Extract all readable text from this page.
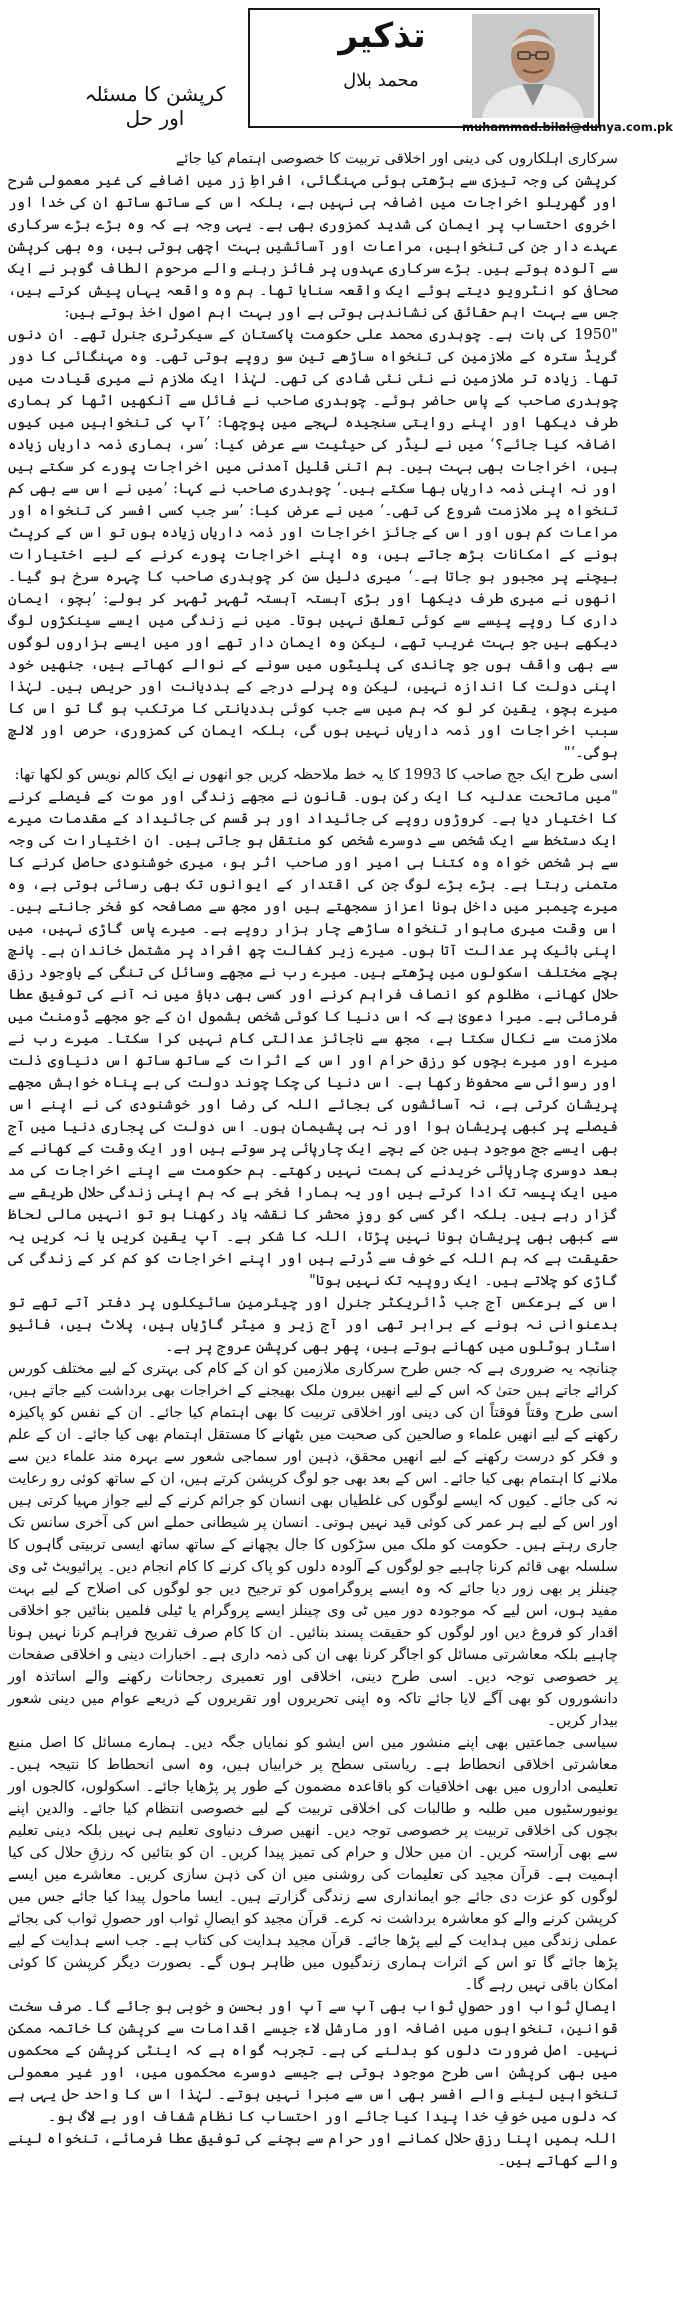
تذکیر
محمد بلال
muhammad.bilal@dunya.com.pk
کرپشن کا مسئلہ اور حل

سرکاری اہلکاروں کی دینی اور اخلاقی تربیت کا خصوصی اہتمام کیا جائے

کرپشن کی وجہ تیزی سے بڑھتی ہوئی مہنگائی، افراطِ زر میں اضافے کی غیر معمولی شرح اور گھریلو اخراجات میں اضافہ ہی نہیں ہے، بلکہ اس کے ساتھ ساتھ ان کی خدا اور اخروی احتساب پر ایمان کی شدید کمزوری بھی ہے۔ یہی وجہ ہے کہ وہ بڑے بڑے سرکاری عہدے دار جن کی تنخواہیں، مراعات اور آسائشیں بہت اچھی ہوتی ہیں، وہ بھی کرپشن سے آلودہ ہوتے ہیں۔ بڑے سرکاری عہدوں پر فائز رہنے والے مرحوم الطاف گوہر نے ایک صحافی کو انٹرویو دیتے ہوئے ایک واقعہ سنایا تھا۔ ہم وہ واقعہ یہاں پیش کرتے ہیں، جس سے بہت اہم حقائق کی نشاندہی ہوتی ہے اور بہت اہم اصول اخذ ہوتے ہیں:

"1950 کی بات ہے۔ چوہدری محمد علی حکومت پاکستان کے سیکرٹری جنرل تھے۔ ان دنوں گریڈ سترہ کے ملازمین کی تنخواہ ساڑھے تین سو روپے ہوتی تھی۔ وہ مہنگائی کا دور تھا۔ زیادہ تر ملازمین نے نئی نئی شادی کی تھی۔ لہٰذا ایک ملازم نے میری قیادت میں چوہدری صاحب کے پاس حاضر ہوئے۔ چوہدری صاحب نے فائل سے آنکھیں اٹھا کر ہماری طرف دیکھا اور اپنے روایتی سنجیدہ لہجے میں پوچھا: ’آپ کی تنخواہیں میں کیوں اضافہ کیا جائے؟‘ میں نے لیڈر کی حیثیت سے عرض کیا: ’سر، ہماری ذمہ داریاں زیادہ ہیں، اخراجات بھی بہت ہیں۔ ہم اتنی قلیل آمدنی میں اخراجات پورے کر سکتے ہیں اور نہ اپنی ذمہ داریاں بھا سکتے ہیں۔‘ چوہدری صاحب نے کہا: ’میں نے اس سے بھی کم تنخواہ پر ملازمت شروع کی تھی۔‘ میں نے عرض کیا: ’سر جب کسی افسر کی تنخواہ اور مراعات کم ہوں اور اس کے جائز اخراجات اور ذمہ داریاں زیادہ ہوں تو اس کے کرپٹ ہونے کے امکانات بڑھ جاتے ہیں، وہ اپنے اخراجات پورے کرنے کے لیے اختیارات بیچنے پر مجبور ہو جاتا ہے۔‘ میری دلیل سن کر چوہدری صاحب کا چہرہ سرخ ہو گیا۔ انھوں نے میری طرف دیکھا اور بڑی آہستہ آہستہ ٹھہر ٹھہر کر بولے: ’بچو، ایمان داری کا روپے پیسے سے کوئی تعلق نہیں ہوتا۔ میں نے زندگی میں ایسے سینکڑوں لوگ دیکھے ہیں جو بہت غریب تھے، لیکن وہ ایمان دار تھے اور میں ایسے ہزاروں لوگوں سے بھی واقف ہوں جو چاندی کی پلیٹوں میں سونے کے نوالے کھاتے ہیں، جنھیں خود اپنی دولت کا اندازہ نہیں، لیکن وہ پرلے درجے کے بددیانت اور حریص ہیں۔ لہٰذا میرے بچو، یقین کر لو کہ ہم میں سے جب کوئی بددیانتی کا مرتکب ہو گا تو اس کا سبب اخراجات اور ذمہ داریاں نہیں ہوں گی، بلکہ ایمان کی کمزوری، حرص اور لالچ ہوگی۔‘"

اسی طرح ایک جج صاحب کا 1993 کا یہ خط ملاحظہ کریں جو انھوں نے ایک کالم نویس کو لکھا تھا:

"میں ماتحت عدلیہ کا ایک رکن ہوں۔ قانون نے مجھے زندگی اور موت کے فیصلے کرنے کا اختیار دیا ہے۔ کروڑوں روپے کی جائیداد اور ہر قسم کی جائیداد کے مقدمات میرے ایک دستخط سے ایک شخص سے دوسرے شخص کو منتقل ہو جاتی ہیں۔ ان اختیارات کی وجہ سے ہر شخص خواہ وہ کتنا ہی امیر اور صاحب اثر ہو، میری خوشنودی حاصل کرنے کا متمنی رہتا ہے۔ بڑے بڑے لوگ جن کی اقتدار کے ایوانوں تک بھی رسائی ہوتی ہے، وہ میرے چیمبر میں داخل ہونا اعزاز سمجھتے ہیں اور مجھ سے مصافحہ کو فخر جانتے ہیں۔ اس وقت میری ماہوار تنخواہ ساڑھے چار ہزار روپے ہے۔ میرے پاس گاڑی نہیں، میں اپنی بائیک پر عدالت آتا ہوں۔ میرے زیر کفالت چھ افراد پر مشتمل خاندان ہے۔ پانچ بچے مختلف اسکولوں میں پڑھتے ہیں۔ میرے رب نے مجھے وسائل کی تنگی کے باوجود رزق حلال کھانے، مظلوم کو انصاف فراہم کرنے اور کسی بھی دباؤ میں نہ آنے کی توفیق عطا فرمائی ہے۔ میرا دعویٰ ہے کہ اس دنیا کا کوئی شخص بشمول ان کے جو مجھے ڈومنٹ میں ملازمت سے نکال سکتا ہے، مجھ سے ناجائز عدالتی کام نہیں کرا سکتا۔ میرے رب نے میرے اور میرے بچوں کو رزق حرام اور اس کے اثرات کے ساتھ ساتھ اس دنیاوی ذلت اور رسوائی سے محفوظ رکھا ہے۔ اس دنیا کی چکا چوند دولت کی بے پناہ خواہش مجھے پریشان کرتی ہے، نہ آسائشوں کی بجائے اللہ کی رضا اور خوشنودی کی نے اپنے اس فیصلے پر کبھی پریشان ہوا اور نہ ہی پشیمان ہوں۔ اس دولت کی پجاری دنیا میں آج بھی ایسے جج موجود ہیں جن کے بچے ایک چارپائی پر سوتے ہیں اور ایک وقت کے کھانے کے بعد دوسری چارپائی خریدنے کی ہمت نہیں رکھتے۔ ہم حکومت سے اپنے اخراجات کی مد میں ایک پیسہ تک ادا کرتے ہیں اور یہ ہمارا فخر ہے کہ ہم اپنی زندگی حلال طریقے سے گزار رہے ہیں۔ بلکہ اگر کسی کو روزِ محشر کا نقشہ یاد رکھنا ہو تو انہیں مالی لحاظ سے کبھی بھی پریشان ہونا نہیں پڑتا، اللہ کا شکر ہے۔ آپ یقین کریں یا نہ کریں یہ حقیقت ہے کہ ہم اللہ کے خوف سے ڈرتے ہیں اور اپنے اخراجات کو کم کر کے زندگی کی گاڑی کو چلاتے ہیں۔ ایک روپیہ تک نہیں ہوتا"

اس کے برعکس آج جب ڈائریکٹر جنرل اور چیئرمین سائیکلوں پر دفتر آتے تھے تو بدعنوانی نہ ہونے کے برابر تھی اور آج زیر و میٹر گاڑیاں ہیں، پلاٹ ہیں، فائیو اسٹار ہوٹلوں میں کھانے ہوتے ہیں، پھر بھی کرپشن عروج پر ہے۔

چنانچہ یہ ضروری ہے کہ جس طرح سرکاری ملازمین کو ان کے کام کی بہتری کے لیے مختلف کورس کرائے جاتے ہیں حتیٰ کہ اس کے لیے انھیں بیرون ملک بھیجنے کے اخراجات بھی برداشت کیے جاتے ہیں، اسی طرح وقتاً فوقتاً ان کی دینی اور اخلاقی تربیت کا بھی اہتمام کیا جائے۔ ان کے نفس کو پاکیزہ رکھنے کے لیے انھیں علماء و صالحین کی صحبت میں بٹھانے کا مستقل اہتمام بھی کیا جائے۔ ان کے علم و فکر کو درست رکھنے کے لیے انھیں محقق، ذہین اور سماجی شعور سے بہرہ مند علماء دین سے ملانے کا اہتمام بھی کیا جائے۔ اس کے بعد بھی جو لوگ کرپشن کرتے ہیں، ان کے ساتھ کوئی رو رعایت نہ کی جائے۔ کیوں کہ ایسے لوگوں کی غلطیاں بھی انسان کو جرائم کرنے کے لیے جواز مہیا کرتی ہیں اور اس کے لیے ہر عمر کی کوئی قید نہیں ہوتی۔ انسان پر شیطانی حملے اس کی آخری سانس تک جاری رہتے ہیں۔ حکومت کو ملک میں سڑکوں کا جال بچھانے کے ساتھ ساتھ ایسی تربیتی گاہوں کا سلسلہ بھی قائم کرنا چاہیے جو لوگوں کے آلودہ دلوں کو پاک کرنے کا کام انجام دیں۔ پرائیویٹ ٹی وی چینلز پر بھی زور دیا جائے کہ وہ ایسے پروگراموں کو ترجیح دیں جو لوگوں کی اصلاح کے لیے بہت مفید ہوں، اس لیے کہ موجودہ دور میں ٹی وی چینلز ایسے پروگرام یا ٹیلی فلمیں بنائیں جو اخلاقی اقدار کو فروغ دیں اور لوگوں کو حقیقت پسند بنائیں۔ ان کا کام صرف تفریح فراہم کرنا نہیں ہونا چاہیے بلکہ معاشرتی مسائل کو اجاگر کرنا بھی ان کی ذمہ داری ہے۔ اخبارات دینی و اخلاقی صفحات پر خصوصی توجہ دیں۔ اسی طرح دینی، اخلاقی اور تعمیری رجحانات رکھنے والے اساتذہ اور دانشوروں کو بھی آگے لایا جائے تاکہ وہ اپنی تحریروں اور تقریروں کے ذریعے عوام میں دینی شعور بیدار کریں۔

سیاسی جماعتیں بھی اپنے منشور میں اس ایشو کو نمایاں جگہ دیں۔ ہمارے مسائل کا اصل منبع معاشرتی اخلاقی انحطاط ہے۔ ریاستی سطح پر خرابیاں ہیں، وہ اسی انحطاط کا نتیجہ ہیں۔ تعلیمی اداروں میں بھی اخلاقیات کو باقاعدہ مضمون کے طور پر پڑھایا جائے۔ اسکولوں، کالجوں اور یونیورسٹیوں میں طلبہ و طالبات کی اخلاقی تربیت کے لیے خصوصی انتظام کیا جائے۔ والدین اپنے بچوں کی اخلاقی تربیت پر خصوصی توجہ دیں۔ انھیں صرف دنیاوی تعلیم ہی نہیں بلکہ دینی تعلیم سے بھی آراستہ کریں۔ ان میں حلال و حرام کی تمیز پیدا کریں۔ ان کو بتائیں کہ رزقِ حلال کی کیا اہمیت ہے۔ قرآن مجید کی تعلیمات کی روشنی میں ان کی ذہن سازی کریں۔ معاشرے میں ایسے لوگوں کو عزت دی جائے جو ایمانداری سے زندگی گزارتے ہیں۔ ایسا ماحول پیدا کیا جائے جس میں کرپشن کرنے والے کو معاشرہ برداشت نہ کرے۔ قرآن مجید کو ایصالِ ثواب اور حصولِ ثواب کی بجائے عملی زندگی میں ہدایت کے لیے پڑھا جائے۔ قرآن مجید ہدایت کی کتاب ہے۔ جب اسے ہدایت کے لیے پڑھا جائے گا تو اس کے اثرات ہماری زندگیوں میں ظاہر ہوں گے۔ بصورت دیگر کرپشن کا کوئی امکان باقی نہیں رہے گا۔

ایصالِ ثواب اور حصولِ ثواب بھی آپ سے آپ اور بحسن و خوبی ہو جائے گا۔ صرف سخت قوانین، تنخواہوں میں اضافہ اور مارشل لاء جیسے اقدامات سے کرپشن کا خاتمہ ممکن نہیں۔ اصل ضرورت دلوں کو بدلنے کی ہے۔ تجربہ گواہ ہے کہ اینٹی کرپشن کے محکموں میں بھی کرپشن اسی طرح موجود ہوتی ہے جیسے دوسرے محکموں میں، اور غیر معمولی تنخواہیں لینے والے افسر بھی اس سے مبرا نہیں ہوتے۔ لہٰذا اس کا واحد حل یہی ہے کہ دلوں میں خوفِ خدا پیدا کیا جائے اور احتساب کا نظام شفاف اور بے لاگ ہو۔

اللہ ہمیں اپنا رزق حلال کمانے اور حرام سے بچنے کی توفیق عطا فرمائے، تنخواہ لینے والے کھاتے ہیں۔
